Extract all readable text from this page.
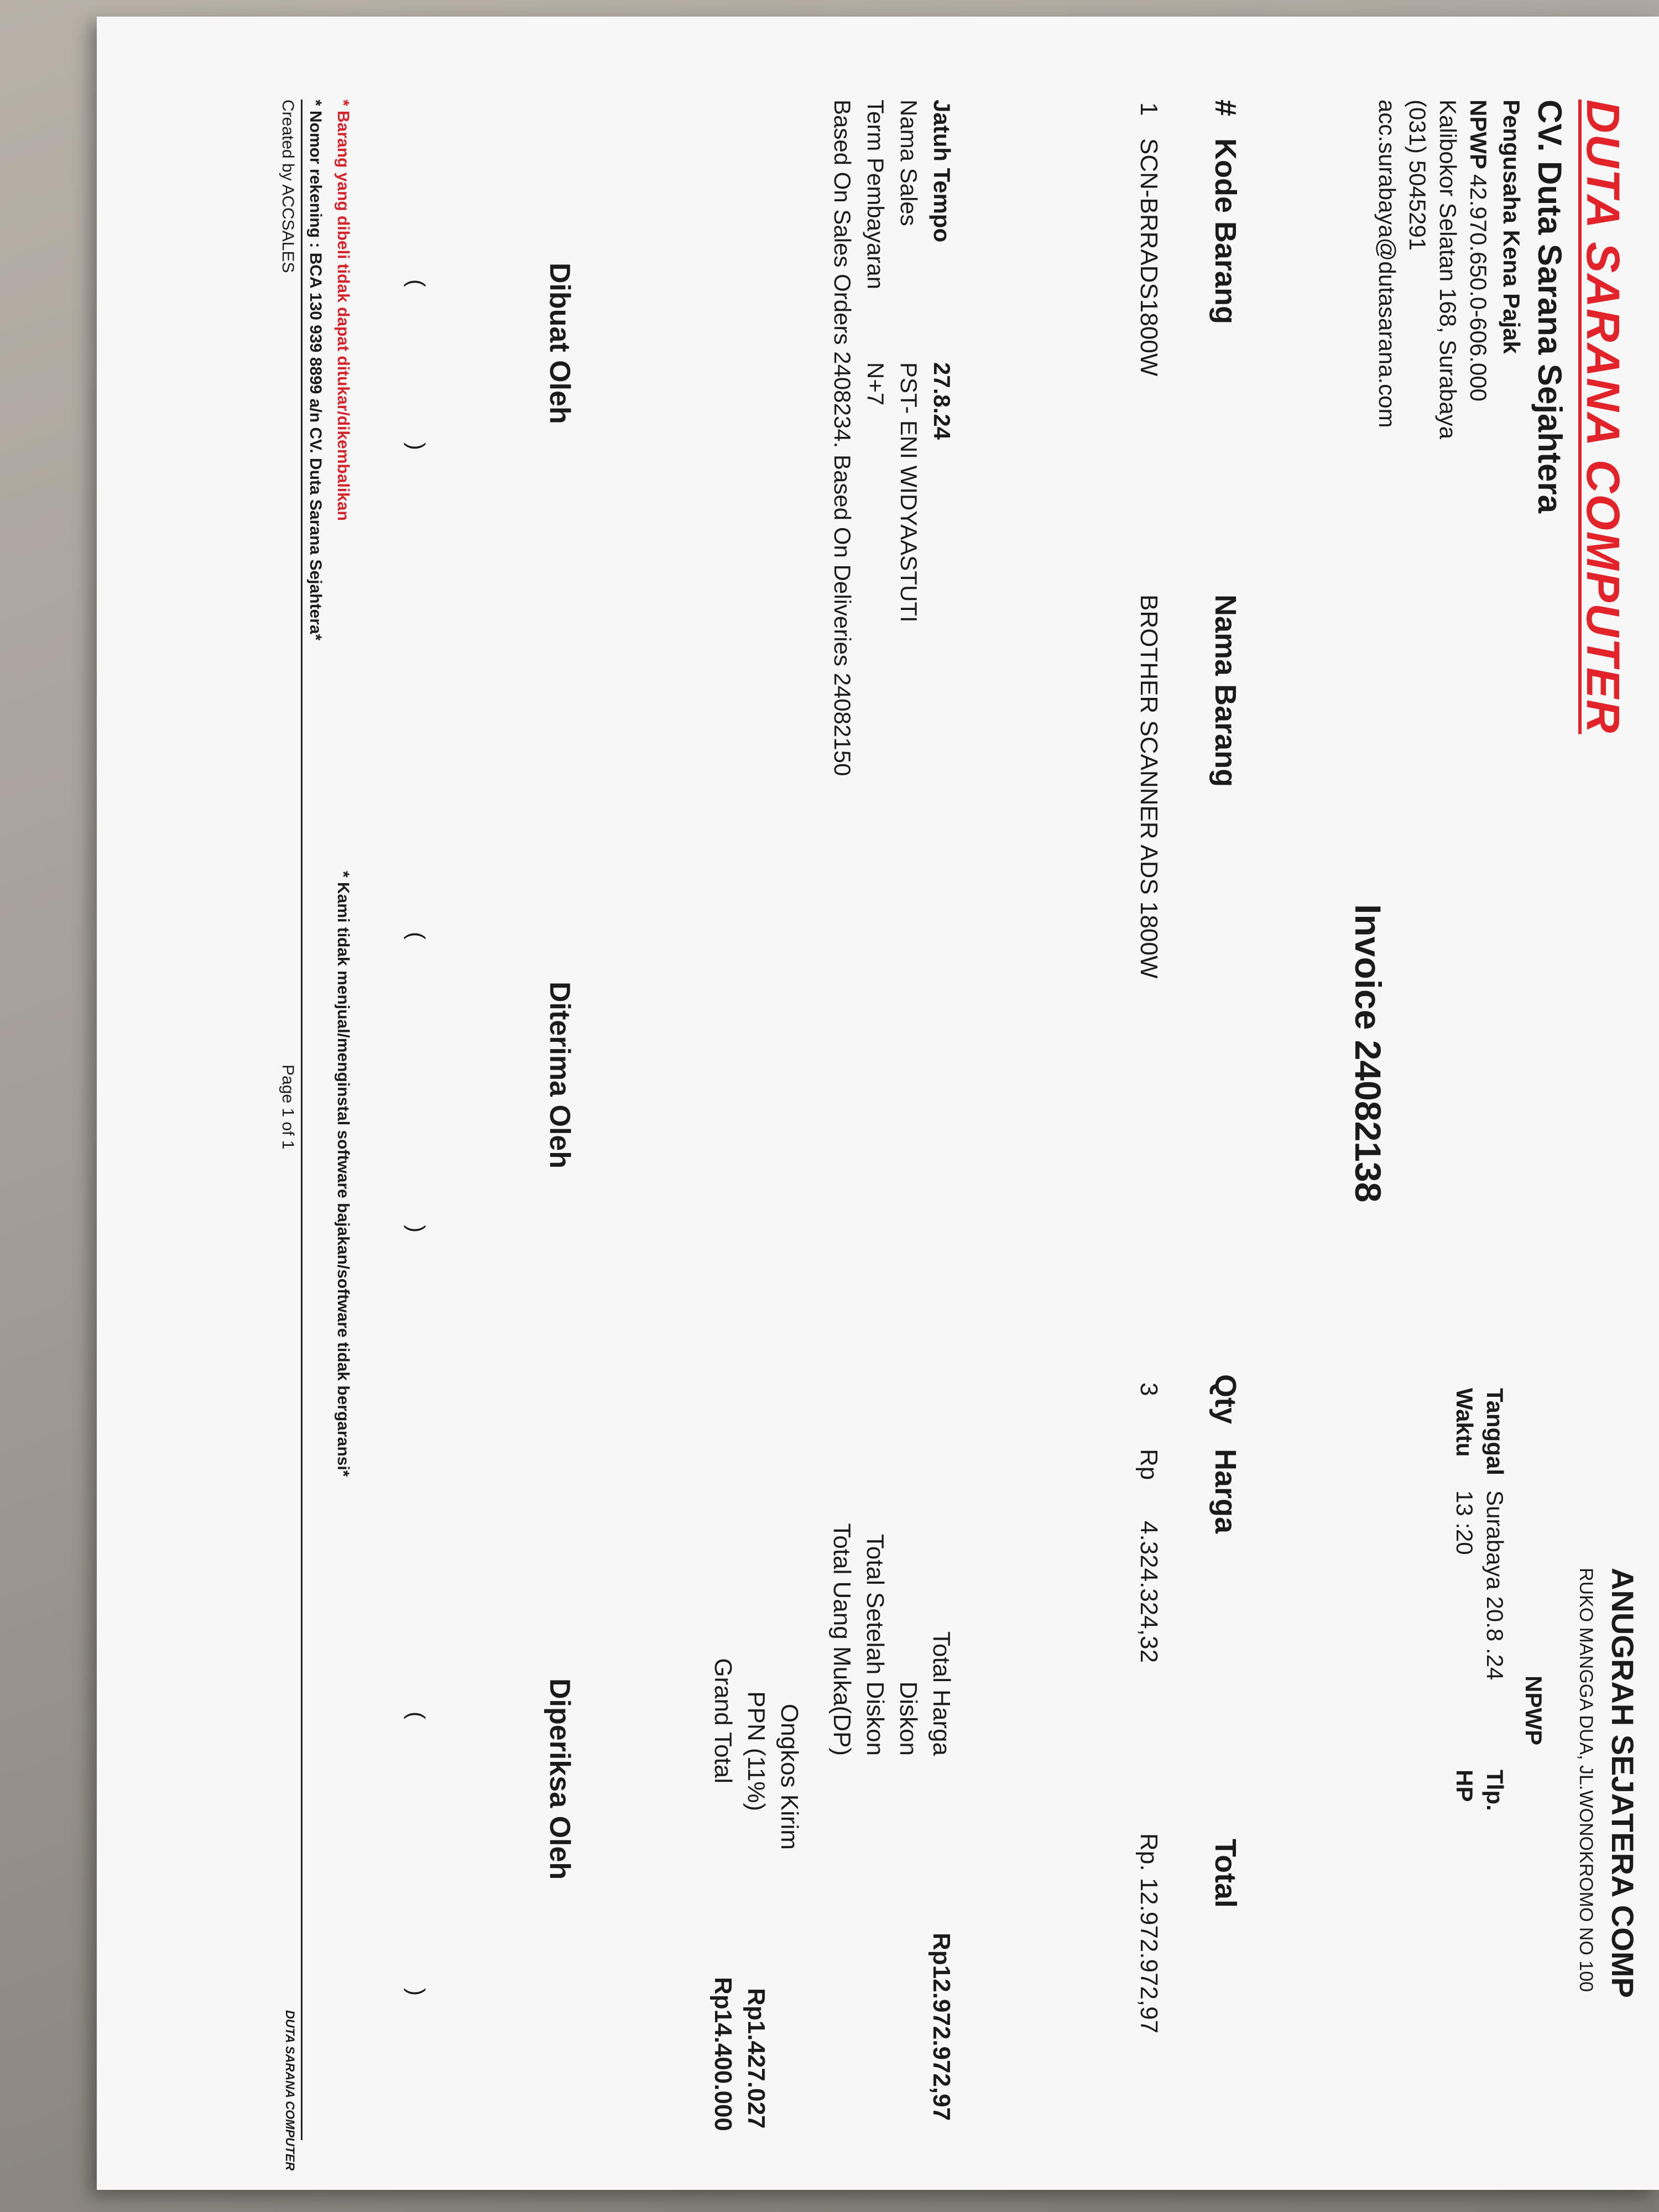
DUTA SARANA COMPUTER
CV. Duta Sarana Sejahtera
Pengusaha Kena Pajak
NPWP
42.970.650.0-606.000
Kalibokor Selatan 168, Surabaya
(031) 5045291
acc.surabaya@dutasarana.com
Invoice 24082138
ANUGRAH SEJATERA COMP
RUKO MANGGA DUA, JL.WONOKROMO NO 100
NPWP
Tanggal
Surabaya 20.8 .24
Tlp.
Waktu
13 :20
HP
#
Kode Barang
Nama Barang
Qty
Harga
Total
1
SCN-BRRADS1800W
BROTHER SCANNER ADS 1800W
3
Rp
4.324.324,32
Rp. 12.972.972,97
Jatuh Tempo
27.8.24
Nama Sales
PST- ENI WIDYAASTUTI
Term Pembayaran
N+7
Based On Sales Orders 2408234. Based On Deliveries 24082150
Total Harga
Rp12.972.972,97
Diskon
Total Setelah Diskon
Total Uang Muka(DP)
Ongkos Kirim
PPN (11%)
Rp1.427.027
Grand Total
Rp14.400.000
Dibuat Oleh
Diterima Oleh
Diperiksa Oleh
(
)
(
)
(
)
* Barang yang dibeli tidak dapat ditukar/dikembalikan
* Kami tidak menjual/menginstal software bajakan/software tidak bergaransi*
* Nomor rekening : BCA 130 939 8899 a/n CV. Duta Sarana Sejahtera*
Created by ACCSALES
Page 1 of 1
DUTA SARANA COMPUTER
